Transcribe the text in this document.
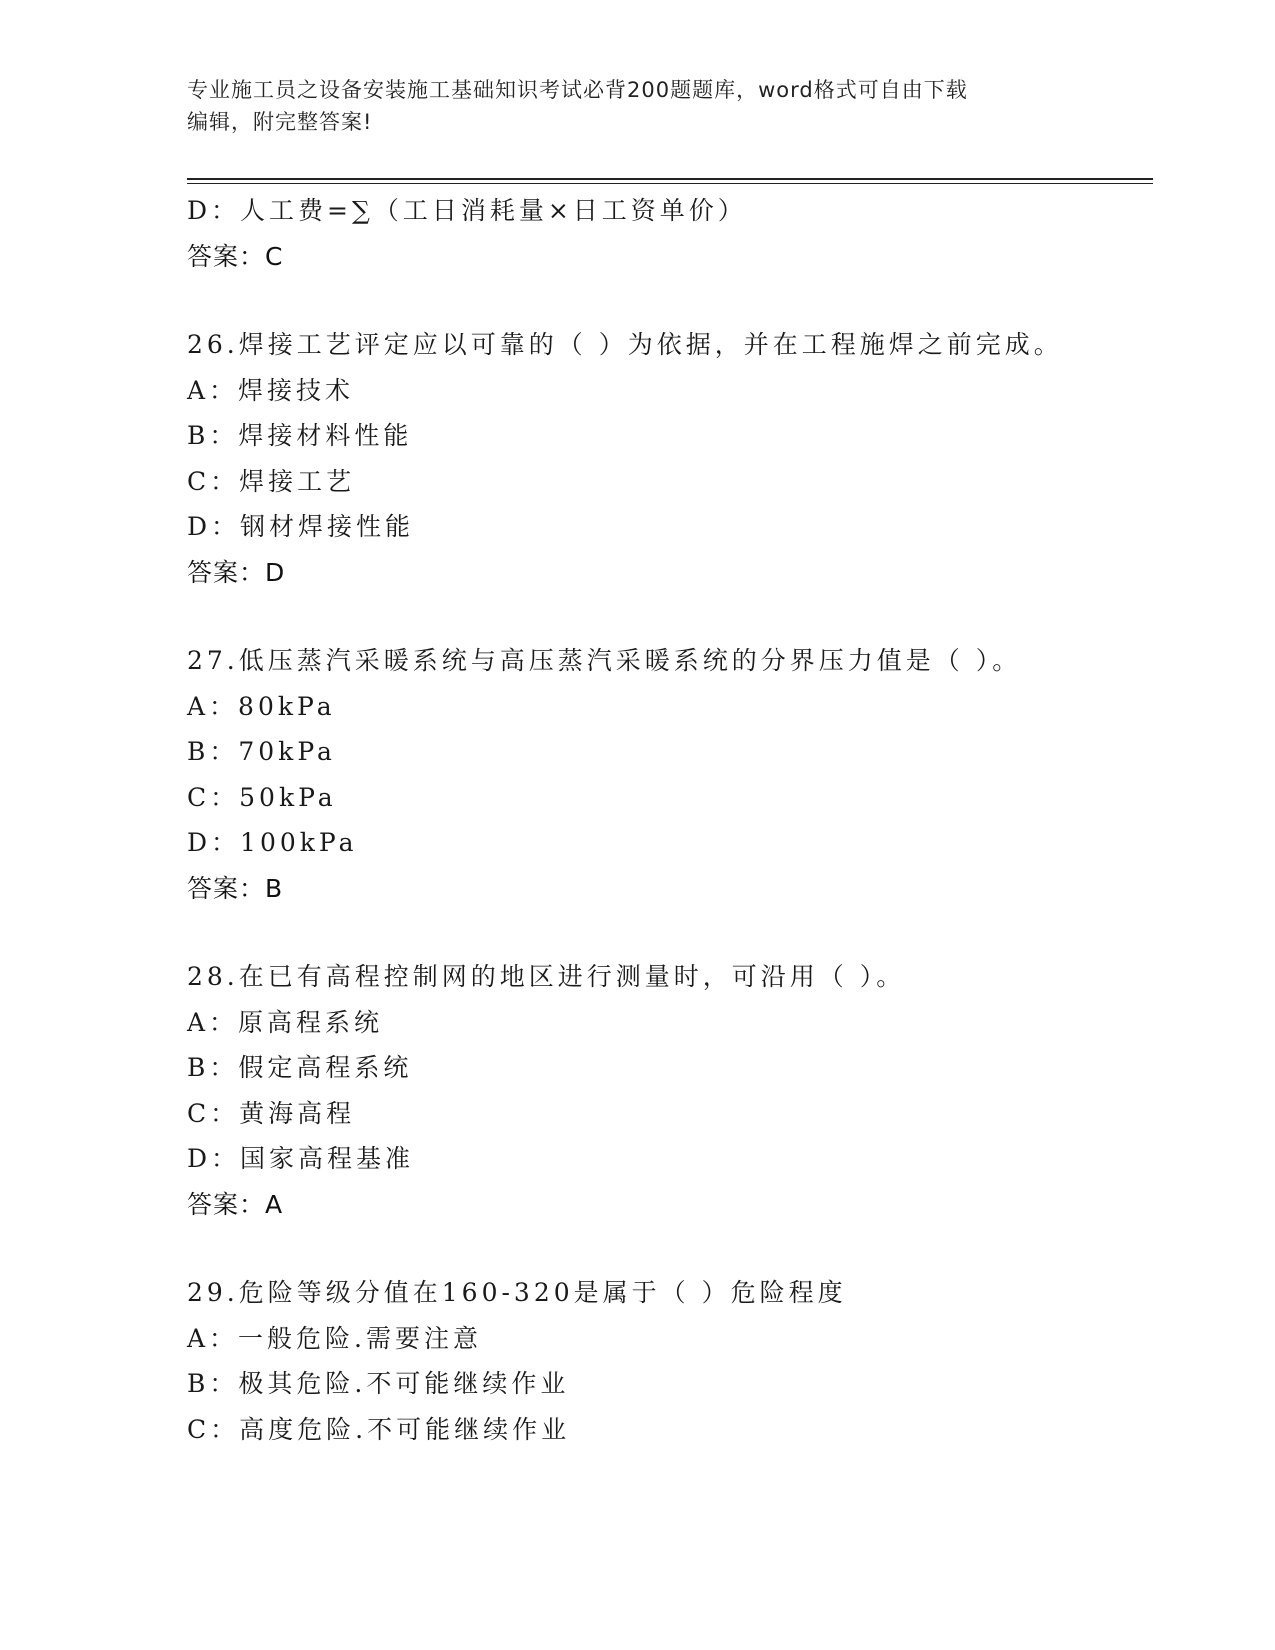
专业施工员之设备安装施工基础知识考试必背200题题库，word格式可自由下载
编辑，附完整答案!
D：人工费=∑（工日消耗量×日工资单价）
答案：C
26.焊接工艺评定应以可靠的（ ）为依据，并在工程施焊之前完成。
A：焊接技术
B：焊接材料性能
C：焊接工艺
D：钢材焊接性能
答案：D
27.低压蒸汽采暖系统与高压蒸汽采暖系统的分界压力值是（ ）。
A：80kPa
B：70kPa
C：50kPa
D：100kPa
答案：B
28.在已有高程控制网的地区进行测量时，可沿用（ ）。
A：原高程系统
B：假定高程系统
C：黄海高程
D：国家高程基准
答案：A
29.危险等级分值在160-320是属于（ ）危险程度
A：一般危险.需要注意
B：极其危险.不可能继续作业
C：高度危险.不可能继续作业
